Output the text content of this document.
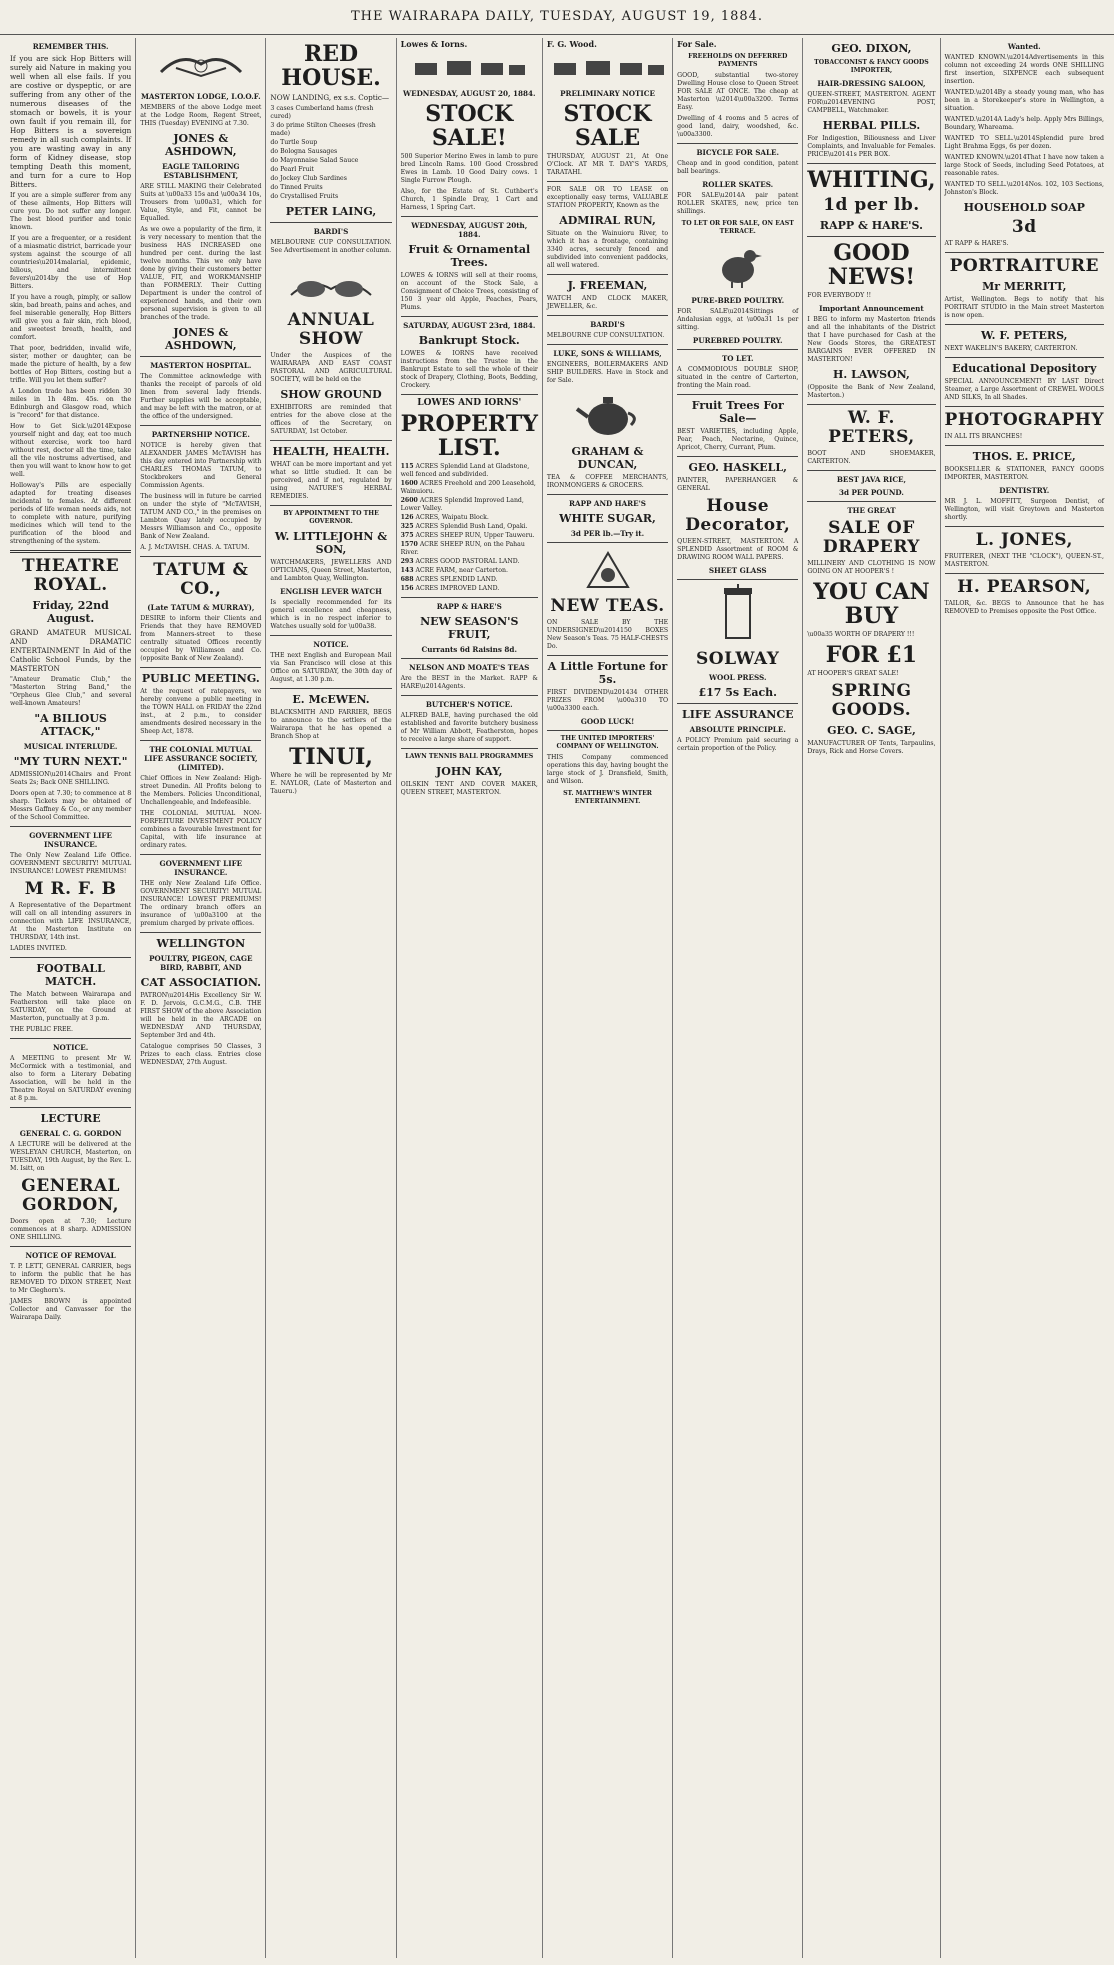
THE WAIRARAPA DAILY, TUESDAY, AUGUST 19, 1884.
REMEMBER THIS.

If you are sick Hop Bitters will surely aid Nature in making you well when all else fails. If you are costive or dyspeptic, or are suffering from any other of the numerous diseases of the stomach or bowels, it is your own fault if you remain ill, for Hop Bitters is a sovereign remedy in all such complaints. If you are wasting away in any form of Kidney disease, stop tempting Death this moment, and turn for a cure to Hop Bitters.

If you are a simple sufferer from any of these ailments, Hop Bitters will cure you. Do not suffer any longer. The best blood purifier and tonic known.

If you are a frequenter, or a resident of a miasmatic district, barricade your system against the scourge of all countries\u2014malarial, epidemic, bilious, and intermittent fevers\u2014by the use of Hop Bitters.

If you have a rough, pimply, or sallow skin, bad breath, pains and aches, and feel miserable generally, Hop Bitters will give you a fair skin, rich blood, and sweetest breath, health, and comfort.

That poor, bedridden, invalid wife, sister, mother or daughter, can be made the picture of health, by a few bottles of Hop Bitters, costing but a trifle. Will you let them suffer?

A London trade has been ridden 30 miles in 1h 48m. 45s. on the Edinburgh and Glasgow road, which is "record" for that distance.

How to Get Sick.\u2014Expose yourself night and day, eat too much without exercise, work too hard without rest, doctor all the time, take all the vile nostrums advertised, and then you will want to know how to get well.

Holloway's Pills are especially adapted for treating diseases incidental to females. At different periods of life woman needs aids, not to complete with nature, purifying medicines which will tend to the purification of the blood and strengthening of the system.

THEATRE ROYAL.
Friday, 22nd August.

GRAND AMATEUR MUSICAL AND DRAMATIC ENTERTAINMENT In Aid of the Catholic School Funds, by the MASTERTON

"Amateur Dramatic Club," the "Masterton String Band," the "Orpheus Glee Club," and several well-known Amateurs!

"A BILIOUS ATTACK,"
MUSICAL INTERLUDE.
"MY TURN NEXT."

ADMISSION\u2014Chairs and Front Seats 2s; Back ONE SHILLING.

Doors open at 7.30; to commence at 8 sharp. Tickets may be obtained of Messrs Gaffney & Co., or any member of the School Committee.

GOVERNMENT LIFE INSURANCE.

The Only New Zealand Life Office. GOVERNMENT SECURITY! MUTUAL INSURANCE! LOWEST PREMIUMS!

M R. F. B

A Representative of the Department will call on all intending assurers in connection with LIFE INSURANCE, At the Masterton Institute on THURSDAY, 14th inst.

LADIES INVITED.

FOOTBALL MATCH.

The Match between Wairarapa and Featherston will take place on SATURDAY, on the Ground at Masterton, punctually at 3 p.m.

THE PUBLIC FREE.

NOTICE.

A MEETING to present Mr W. McCormick with a testimonial, and also to form a Literary Debating Association, will be held in the Theatre Royal on SATURDAY evening at 8 p.m.

LECTURE
GENERAL C. G. GORDON

A LECTURE will be delivered at the WESLEYAN CHURCH, Masterton, on TUESDAY, 19th August, by the Rev. L. M. Isitt, on

GENERAL GORDON,

Doors open at 7.30; Lecture commences at 8 sharp. ADMISSION ONE SHILLING.

NOTICE OF REMOVAL

T. P. LETT, GENERAL CARRIER, begs to inform the public that he has REMOVED TO DIXON STREET, Next to Mr Cleghorn's.

JAMES BROWN is appointed Collector and Canvasser for the Wairarapa Daily.

MASTERTON LODGE, I.O.O.F.

MEMBERS of the above Lodge meet at the Lodge Room, Regent Street, THIS (Tuesday) EVENING at 7.30.

JONES & ASHDOWN,
EAGLE TAILORING ESTABLISHMENT,

ARE STILL MAKING their Celebrated Suits at \u00a33 15s and \u00a34 10s, Trousers from \u00a31, which for Value, Style, and Fit, cannot be Equalled.

As we owe a popularity of the firm, it is very necessary to mention that the business HAS INCREASED one hundred per cent. during the last twelve months. This we only have done by giving their customers better VALUE, FIT, and WORKMANSHIP than FORMERLY. Their Cutting Department is under the control of experienced hands, and their own personal supervision is given to all branches of the trade.

JONES & ASHDOWN,
MASTERTON HOSPITAL.

The Committee acknowledge with thanks the receipt of parcels of old linen from several lady friends. Further supplies will be acceptable, and may be left with the matron, or at the office of the undersigned.

PARTNERSHIP NOTICE.

NOTICE is hereby given that ALEXANDER JAMES McTAVISH has this day entered into Partnership with CHARLES THOMAS TATUM, to Stockbrokers and General Commission Agents.

The business will in future be carried on under the style of "McTAVISH, TATUM AND CO.," in the premises on Lambton Quay lately occupied by Messrs Williamson and Co., opposite Bank of New Zealand.

A. J. McTAVISH. CHAS. A. TATUM.

TATUM & CO.,
(Late TATUM & MURRAY),

DESIRE to inform their Clients and Friends that they have REMOVED from Manners-street to these centrally situated Offices recently occupied by Williamson and Co. (opposite Bank of New Zealand).

PUBLIC MEETING.

At the request of ratepayers, we hereby convene a public meeting in the TOWN HALL on FRIDAY the 22nd inst., at 2 p.m., to consider amendments desired necessary in the Sheep Act, 1878.

THE COLONIAL MUTUAL LIFE ASSURANCE SOCIETY, (LIMITED).

Chief Offices in New Zealand: High-street Dunedin. All Profits belong to the Members. Policies Unconditional, Unchallengeable, and Indefeasible.

THE COLONIAL MUTUAL NON-FORFEITURE INVESTMENT POLICY combines a favourable Investment for Capital, with life insurance at ordinary rates.

GOVERNMENT LIFE INSURANCE.

THE only New Zealand Life Office. GOVERNMENT SECURITY! MUTUAL INSURANCE! LOWEST PREMIUMS! The ordinary branch offers an insurance of \u00a3100 at the premium charged by private offices.

WELLINGTON
POULTRY, PIGEON, CAGE BIRD, RABBIT, AND
CAT ASSOCIATION.

PATRON\u2014His Excellency Sir W. F. D. Jervois, G.C.M.G., C.B. THE FIRST SHOW of the above Association will be held in the ARCADE on WEDNESDAY AND THURSDAY, September 3rd and 4th.

Catalogue comprises 50 Classes, 3 Prizes to each class. Entries close WEDNESDAY, 27th August.

RED HOUSE.

NOW LANDING, ex s.s. Coptic—

3 cases Cumberland hams (fresh cured)
3 do prime Stilton Cheeses (fresh made)
do Turtle Soup
do Bologna Sausages
do Mayonnaise Salad Sauce
do Pearl Fruit
do Jockey Club Sardines
do Tinned Fruits
do Crystallised Fruits
PETER LAING,
BARDI'S

MELBOURNE CUP CONSULTATION. See Advertisement in another column.

ANNUAL SHOW

Under the Auspices of the WAIRARAPA AND EAST COAST PASTORAL AND AGRICULTURAL SOCIETY, will be held on the

SHOW GROUND

EXHIBITORS are reminded that entries for the above close at the offices of the Secretary, on SATURDAY, 1st October.

HEALTH, HEALTH.

WHAT can be more important and yet what so little studied. It can be perceived, and if not, regulated by using NATURE'S HERBAL REMEDIES.

BY APPOINTMENT TO THE GOVERNOR.
W. LITTLEJOHN & SON,

WATCHMAKERS, JEWELLERS AND OPTICIANS, Queen Street, Masterton, and Lambton Quay, Wellington.

ENGLISH LEVER WATCH

Is specially recommended for its general excellence and cheapness, which is in no respect inferior to Watches usually sold for \u00a38.

NOTICE.

THE next English and European Mail via San Francisco will close at this Office on SATURDAY, the 30th day of August, at 1.30 p.m.

E. McEWEN.

BLACKSMITH AND FARRIER, BEGS to announce to the settlers of the Wairarapa that he has opened a Branch Shop at

TINUI,

Where he will be represented by Mr E. NAYLOR, (Late of Masterton and Taueru.)

Lowes & Iorns.
WEDNESDAY, AUGUST 20, 1884.
STOCK SALE!

500 Superior Merino Ewes in lamb to pure bred Lincoln Rams. 100 Good Crossbred Ewes in Lamb. 10 Good Dairy cows. 1 Single Furrow Plough.

Also, for the Estate of St. Cuthbert's Church, 1 Spindle Dray, 1 Cart and Harness, 1 Spring Cart.

WEDNESDAY, AUGUST 20th, 1884.
Fruit & Ornamental Trees.

LOWES & IORNS will sell at their rooms, on account of the Stock Sale, a Consignment of Choice Trees, consisting of 150 3 year old Apple, Peaches, Pears, Plums.

SATURDAY, AUGUST 23rd, 1884.
Bankrupt Stock.

LOWES & IORNS have received instructions from the Trustee in the Bankrupt Estate to sell the whole of their stock of Drapery, Clothing, Boots, Bedding, Crockery.

LOWES AND IORNS'
PROPERTY LIST.
115 ACRES Splendid Land at Gladstone, well fenced and subdivided.
1600 ACRES Freehold and 200 Leasehold, Wainuioru.
2600 ACRES Splendid Improved Land, Lower Valley.
126 ACRES, Waipatu Block.
325 ACRES Splendid Bush Land, Opaki.
375 ACRES SHEEP RUN, Upper Tauweru.
1570 ACRE SHEEP RUN, on the Pahau River.
293 ACRES GOOD PASTORAL LAND.
143 ACRE FARM, near Carterton.
688 ACRES SPLENDID LAND.
156 ACRES IMPROVED LAND.
RAPP & HARE'S
NEW SEASON'S FRUIT,
Currants 6d Raisins 8d.
NELSON AND MOATE'S TEAS

Are the BEST in the Market. RAPP & HARE\u2014Agents.

BUTCHER'S NOTICE.

ALFRED BALE, having purchased the old established and favorite butchery business of Mr William Abbott, Featherston, hopes to receive a large share of support.

LAWN TENNIS BALL PROGRAMMES
JOHN KAY,

OILSKIN TENT AND COVER MAKER, QUEEN STREET, MASTERTON.

F. G. Wood.
PRELIMINARY NOTICE
STOCK SALE

THURSDAY, AUGUST 21, At One O'Clock. AT MR T. DAY'S YARDS, TARATAHI.

FOR SALE OR TO LEASE on exceptionally easy terms, VALUABLE STATION PROPERTY, Known as the

ADMIRAL RUN,

Situate on the Wainuioru River, to which it has a frontage, containing 3340 acres, securely fenced and subdivided into convenient paddocks, all well watered.

J. FREEMAN,

WATCH AND CLOCK MAKER, JEWELLER, &c.

BARDI'S

MELBOURNE CUP CONSULTATION.

LUKE, SONS & WILLIAMS,

ENGINEERS, BOILERMAKERS AND SHIP BUILDERS. Have in Stock and for Sale.

GRAHAM & DUNCAN,

TEA & COFFEE MERCHANTS, IRONMONGERS & GROCERS.

RAPP AND HARE'S
WHITE SUGAR,
3d PER lb.—Try it.
NEW TEAS.

ON SALE BY THE UNDERSIGNED\u2014150 BOXES New Season's Teas. 75 HALF-CHESTS Do.

A Little Fortune for 5s.

FIRST DIVIDEND\u201434 OTHER PRIZES FROM \u00a310 TO \u00a3300 each.

GOOD LUCK!
THE UNITED IMPORTERS' COMPANY OF WELLINGTON.

THIS Company commenced operations this day, having bought the large stock of J. Dransfield, Smith, and Wilson.

ST. MATTHEW'S WINTER ENTERTAINMENT.
For Sale.
FREEHOLDS ON DEFERRED PAYMENTS

GOOD, substantial two-storey Dwelling House close to Queen Street FOR SALE AT ONCE. The cheap at Masterton \u2014\u00a3200. Terms Easy.

Dwelling of 4 rooms and 5 acres of good land, dairy, woodshed, &c. \u00a3300.

BICYCLE FOR SALE.

Cheap and in good condition, patent ball bearings.

ROLLER SKATES.

FOR SALE\u2014A pair patent ROLLER SKATES, new, price ten shillings.

TO LET OR FOR SALE, ON EAST TERRACE.
PURE-BRED POULTRY.

FOR SALE\u2014Sittings of Andalusian eggs, at \u00a31 1s per sitting.

PUREBRED POULTRY.
TO LET.

A COMMODIOUS DOUBLE SHOP, situated in the centre of Carterton, fronting the Main road.

Fruit Trees For Sale—

BEST VARIETIES, including Apple, Pear, Peach, Nectarine, Quince, Apricot, Cherry, Currant, Plum.

GEO. HASKELL,

PAINTER, PAPERHANGER & GENERAL

House Decorator,

QUEEN-STREET, MASTERTON. A SPLENDID Assortment of ROOM & DRAWING ROOM WALL PAPERS.

SHEET GLASS
SOLWAY
WOOL PRESS.
£17 5s Each.
LIFE ASSURANCE
ABSOLUTE PRINCIPLE.

A POLICY Premium paid securing a certain proportion of the Policy.

GEO. DIXON,
TOBACCONIST & FANCY GOODS IMPORTER,
HAIR-DRESSING SALOON,

QUEEN-STREET, MASTERTON. AGENT FOR\u2014EVENING POST, CAMPBELL, Watchmaker.

HERBAL PILLS.

For Indigestion, Biliousness and Liver Complaints, and Invaluable for Females. PRICE\u20141s PER BOX.

WHITING,
1d per lb.
RAPP & HARE'S.
GOOD NEWS!

FOR EVERYBODY !!

Important Announcement

I BEG to inform my Masterton friends and all the inhabitants of the District that I have purchased for Cash at the New Goods Stores, the GREATEST BARGAINS EVER OFFERED IN MASTERTON!

H. LAWSON,

(Opposite the Bank of New Zealand, Masterton.)

W. F. PETERS,

BOOT AND SHOEMAKER, CARTERTON.

BEST JAVA RICE,
3d PER POUND.
THE GREAT
SALE OF DRAPERY

MILLINERY AND CLOTHING IS NOW GOING ON AT HOOPER'S !

YOU CAN BUY

\u00a35 WORTH OF DRAPERY !!!

FOR £1

AT HOOPER'S GREAT SALE!

SPRING GOODS.
GEO. C. SAGE,

MANUFACTURER OF Tents, Tarpaulins, Drays, Rick and Horse Covers.

Wanted.

WANTED KNOWN.\u2014Advertisements in this column not exceeding 24 words ONE SHILLING first insertion, SIXPENCE each subsequent insertion.

WANTED.\u2014By a steady young man, who has been in a Storekeeper's store in Wellington, a situation.

WANTED.\u2014A Lady's help. Apply Mrs Billings, Boundary, Whareama.

WANTED TO SELL.\u2014Splendid pure bred Light Brahma Eggs, 6s per dozen.

WANTED KNOWN.\u2014That I have now taken a large Stock of Seeds, including Seed Potatoes, at reasonable rates.

WANTED TO SELL.\u2014Nos. 102, 103 Sections, Johnston's Block.

HOUSEHOLD SOAP
3d

AT RAPP & HARE'S.

PORTRAITURE
Mr MERRITT,

Artist, Wellington. Begs to notify that his PORTRAIT STUDIO in the Main street Masterton is now open.

W. F. PETERS,

NEXT WAKELIN'S BAKERY, CARTERTON.

Educational Depository

SPECIAL ANNOUNCEMENT! BY LAST Direct Steamer, a Large Assortment of CREWEL WOOLS AND SILKS, In all Shades.

PHOTOGRAPHY

IN ALL ITS BRANCHES!

THOS. E. PRICE,

BOOKSELLER & STATIONER, FANCY GOODS IMPORTER, MASTERTON.

DENTISTRY.

MR J. L. MOFFITT, Surgeon Dentist, of Wellington, will visit Greytown and Masterton shortly.

L. JONES,

FRUITERER, (NEXT THE "CLOCK"), QUEEN-ST., MASTERTON.

H. PEARSON,

TAILOR, &c. BEGS to Announce that he has REMOVED to Premises opposite the Post Office.
